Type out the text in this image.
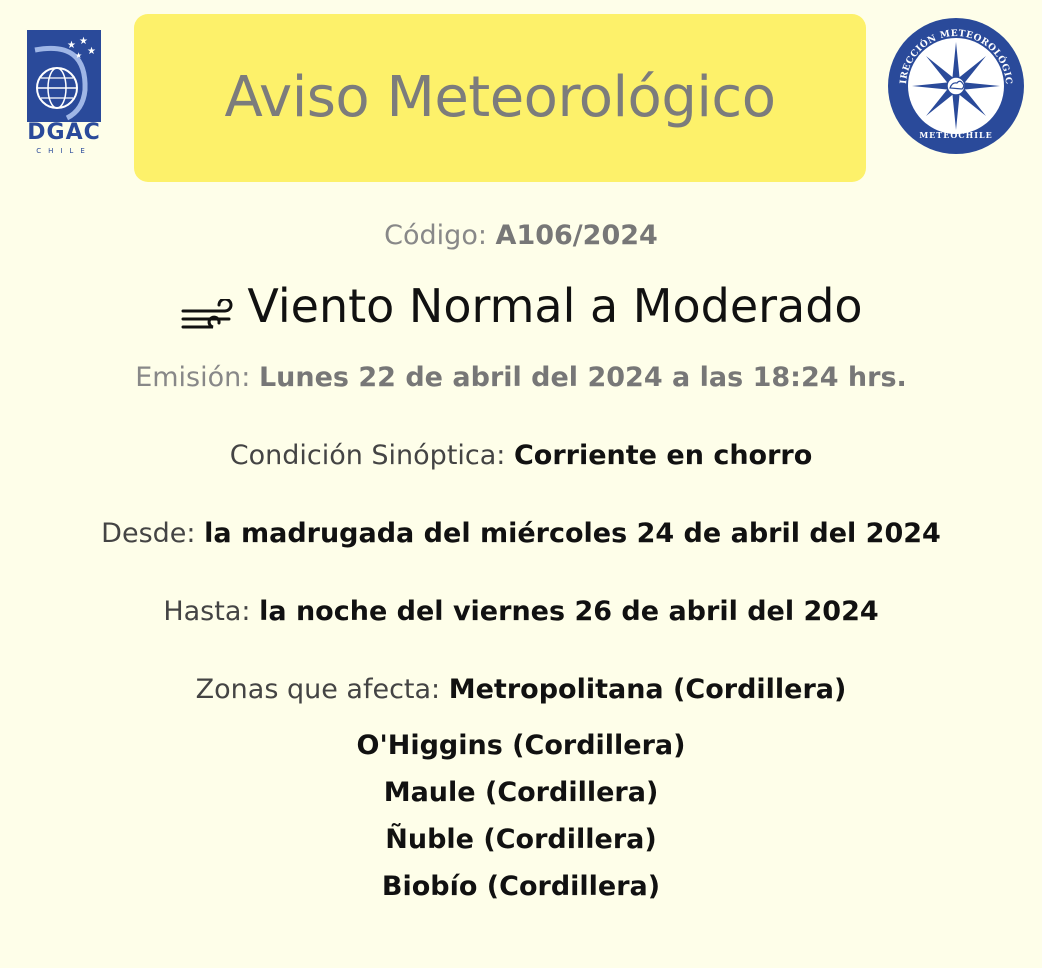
★ ★
★
★
DGAC
CHILE
Aviso Meteorológico	IRECCIÓN METEOROLÓGIC
METEOCHILE
Código: A106/2024
Viento Normal a Moderado
Emisión: Lunes 22 de abril del 2024 a las 18:24 hrs.
Condición Sinóptica: Corriente en chorro
Desde: la madrugada del miércoles 24 de abril del 2024
Hasta: la noche del viernes 26 de abril del 2024
Zonas que afecta: Metropolitana (Cordillera)
O'Higgins (Cordillera)
Maule (Cordillera)
Ñuble (Cordillera)
Biobío (Cordillera)
